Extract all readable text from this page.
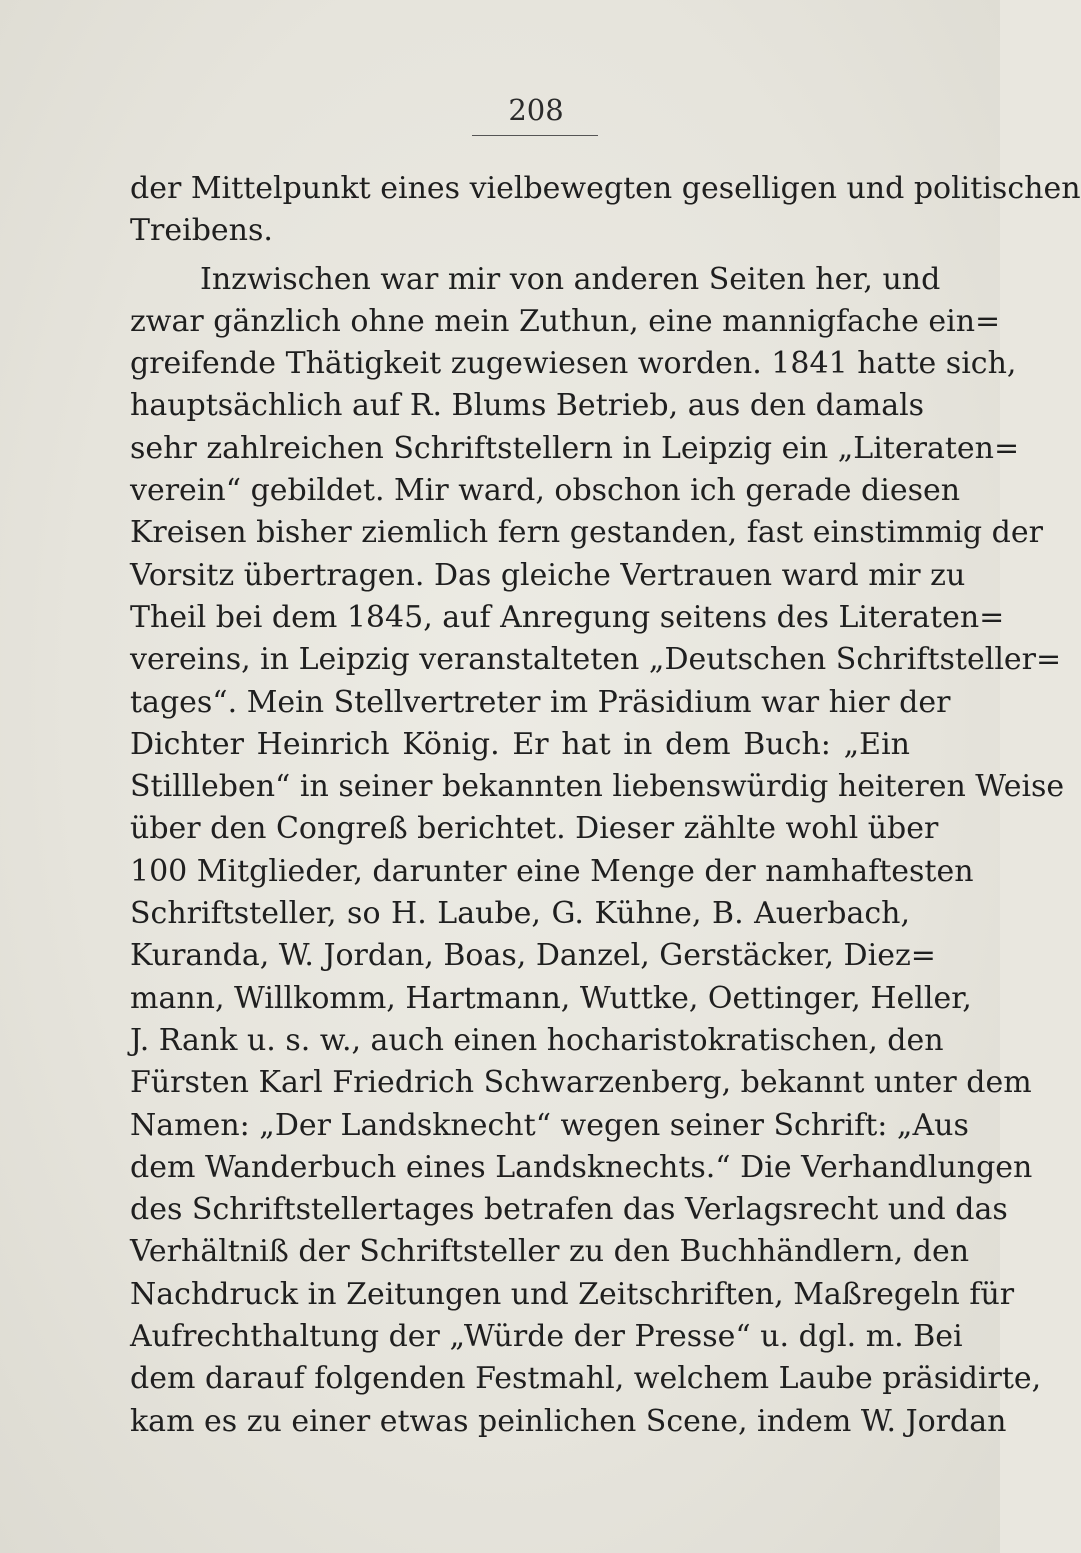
208
der Mittelpunkt eines vielbewegten geselligen und politischen
Treibens.
Inzwischen war mir von anderen Seiten her, und
zwar gänzlich ohne mein Zuthun, eine mannigfache ein=
greifende Thätigkeit zugewiesen worden. 1841 hatte sich,
hauptsächlich auf R. Blums Betrieb, aus den damals
sehr zahlreichen Schriftstellern in Leipzig ein „Literaten=
verein“ gebildet. Mir ward, obschon ich gerade diesen
Kreisen bisher ziemlich fern gestanden, fast einstimmig der
Vorsitz übertragen. Das gleiche Vertrauen ward mir zu
Theil bei dem 1845, auf Anregung seitens des Literaten=
vereins, in Leipzig veranstalteten „Deutschen Schriftsteller=
tages“. Mein Stellvertreter im Präsidium war hier der
Dichter Heinrich König. Er hat in dem Buch: „Ein
Stillleben“ in seiner bekannten liebenswürdig heiteren Weise
über den Congreß berichtet. Dieser zählte wohl über
100 Mitglieder, darunter eine Menge der namhaftesten
Schriftsteller, so H. Laube, G. Kühne, B. Auerbach,
Kuranda, W. Jordan, Boas, Danzel, Gerstäcker, Diez=
mann, Willkomm, Hartmann, Wuttke, Oettinger, Heller,
J. Rank u. s. w., auch einen hocharistokratischen, den
Fürsten Karl Friedrich Schwarzenberg, bekannt unter dem
Namen: „Der Landsknecht“ wegen seiner Schrift: „Aus
dem Wanderbuch eines Landsknechts.“ Die Verhandlungen
des Schriftstellertages betrafen das Verlagsrecht und das
Verhältniß der Schriftsteller zu den Buchhändlern, den
Nachdruck in Zeitungen und Zeitschriften, Maßregeln für
Aufrechthaltung der „Würde der Presse“ u. dgl. m. Bei
dem darauf folgenden Festmahl, welchem Laube präsidirte,
kam es zu einer etwas peinlichen Scene, indem W. Jordan
